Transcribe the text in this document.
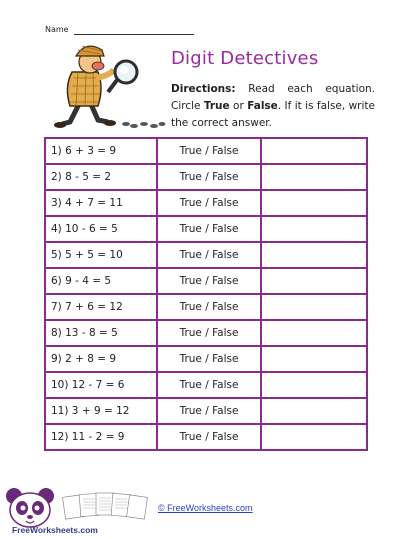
Name
Digit Detectives
Directions: Read each equation. Circle True or False. If it is false, write the correct answer.
1) 6 + 3 = 9	True / False	
2) 8 - 5 = 2	True / False	
3) 4 + 7 = 11	True / False	
4) 10 - 6 = 5	True / False	
5) 5 + 5 = 10	True / False	
6) 9 - 4 = 5	True / False	
7) 7 + 6 = 12	True / False	
8) 13 - 8 = 5	True / False	
9) 2 + 8 = 9	True / False	
10) 12 - 7 = 6	True / False	
11) 3 + 9 = 12	True / False	
12) 11 - 2 = 9	True / False	
FreeWorksheets.com
© FreeWorksheets.com
